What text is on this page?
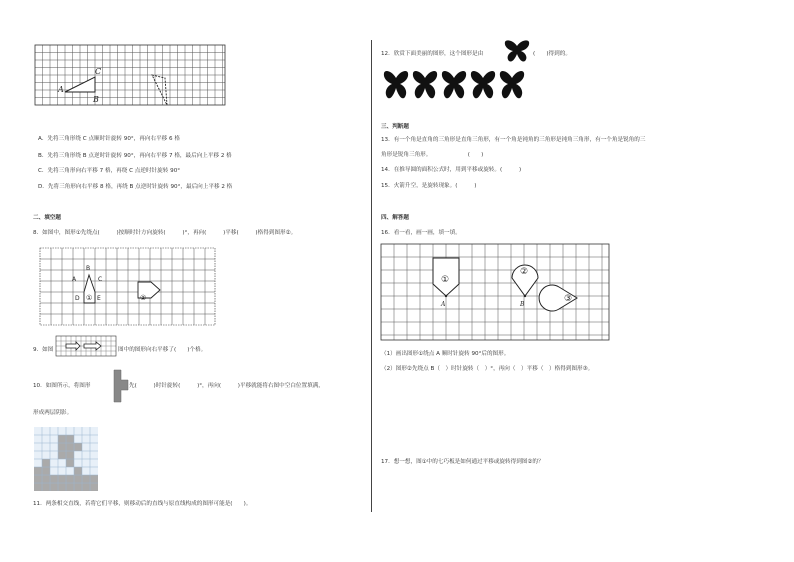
C
A
B
A．先将三角形绕 C 点顺时针旋转 90°，再向右平移 6 格
B．先将三角形绕 B 点逆时针旋转 90°，再向右平移 7 格，最后向上平移 2 格
C．先将三角形向右平移 7 格，再绕 C 点逆时针旋转 90°
D．先将三角形向右平移 8 格，再绕 B 点逆时针旋转 90°，最后向上平移 2 格
二、填空题
8．如图中，图形①先绕点(　　　)按顺时针方向旋转(　　　)°，再向(　　　)平移(　　　)格得到图形②。
A
B
C
D ① E	②
9．如图	图中的图形向右平移了(　　)个格。
10．如图所示，将图形	先(　　　)时针旋转(　　　)°，再向(　　　)平移就能将右图中空白位置填满，
形成两层阴影。
11．两条相交直线，若将它们平移，则移动后的直线与原直线构成的图形可能是(　　)。
12．欣赏下面美丽的图形，这个图形是由	(　　)得到的。
三、判断题
13．有一个角是直角的三角形是直角三角形，有一个角是钝角的三角形是钝角三角形，有一个角是锐角的三
角形是锐角三角形。　　　　　　　(　　)
14．在推导圆的面积公式时，用到平移或旋转。(　　　)
15．火箭升空，是旋转现象。(　　　)
四、解答题
16．看一看，画一画，填一填。
①
②
③
A	B
（1）画出图形①绕点 A 顺时针旋转 90°后的图形。
（2）图形②先绕点 B（　）时针旋转（　）°，再向（　）平移（　）格得到图形③。
17．想一想，图①中的七巧板是如何通过平移或旋转得到图②的？
